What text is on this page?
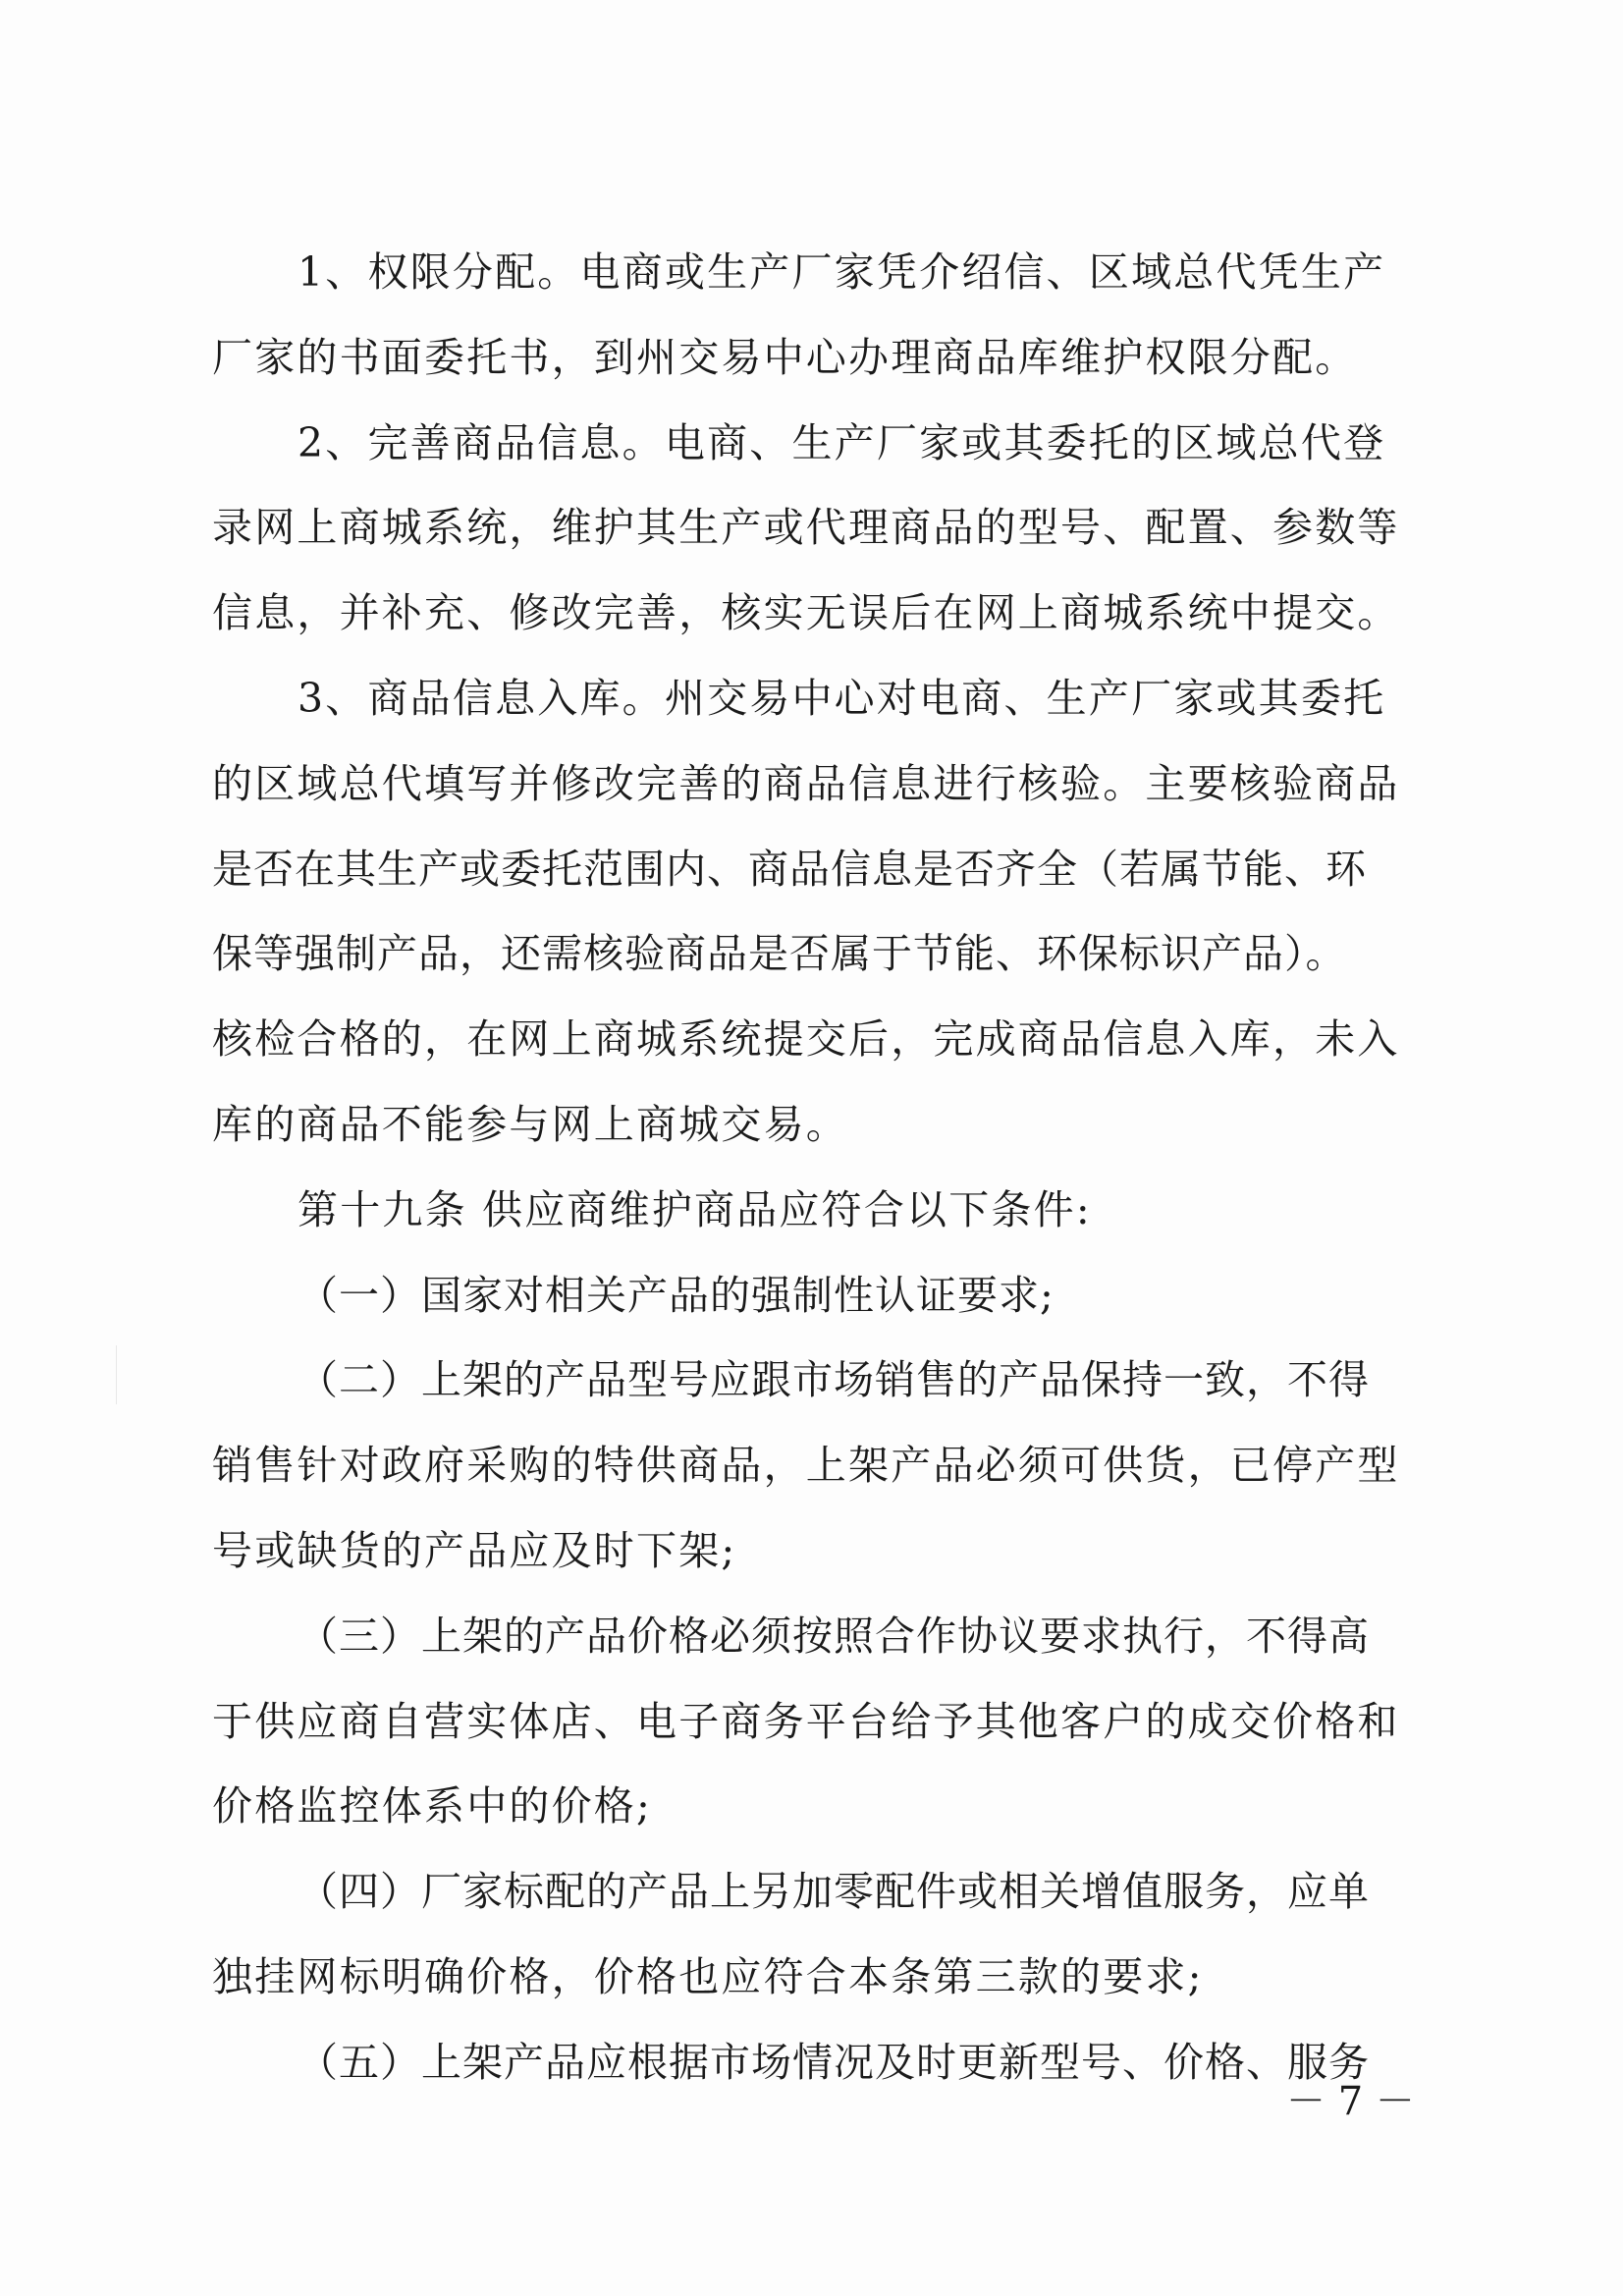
1、权限分配。电商或生产厂家凭介绍信、区域总代凭生产
厂家的书面委托书，到州交易中心办理商品库维护权限分配。
2、完善商品信息。电商、生产厂家或其委托的区域总代登
录网上商城系统，维护其生产或代理商品的型号、配置、参数等
信息，并补充、修改完善，核实无误后在网上商城系统中提交。
3、商品信息入库。州交易中心对电商、生产厂家或其委托
的区域总代填写并修改完善的商品信息进行核验。主要核验商品
是否在其生产或委托范围内、商品信息是否齐全（若属节能、环
保等强制产品，还需核验商品是否属于节能、环保标识产品）。
核检合格的，在网上商城系统提交后，完成商品信息入库，未入
库的商品不能参与网上商城交易。
第十九条 供应商维护商品应符合以下条件:
（一）国家对相关产品的强制性认证要求;
（二）上架的产品型号应跟市场销售的产品保持一致，不得
销售针对政府采购的特供商品，上架产品必须可供货，已停产型
号或缺货的产品应及时下架;
（三）上架的产品价格必须按照合作协议要求执行，不得高
于供应商自营实体店、电子商务平台给予其他客户的成交价格和
价格监控体系中的价格;
（四）厂家标配的产品上另加零配件或相关增值服务，应单
独挂网标明确价格，价格也应符合本条第三款的要求;
（五）上架产品应根据市场情况及时更新型号、价格、服务
－ 7 －
